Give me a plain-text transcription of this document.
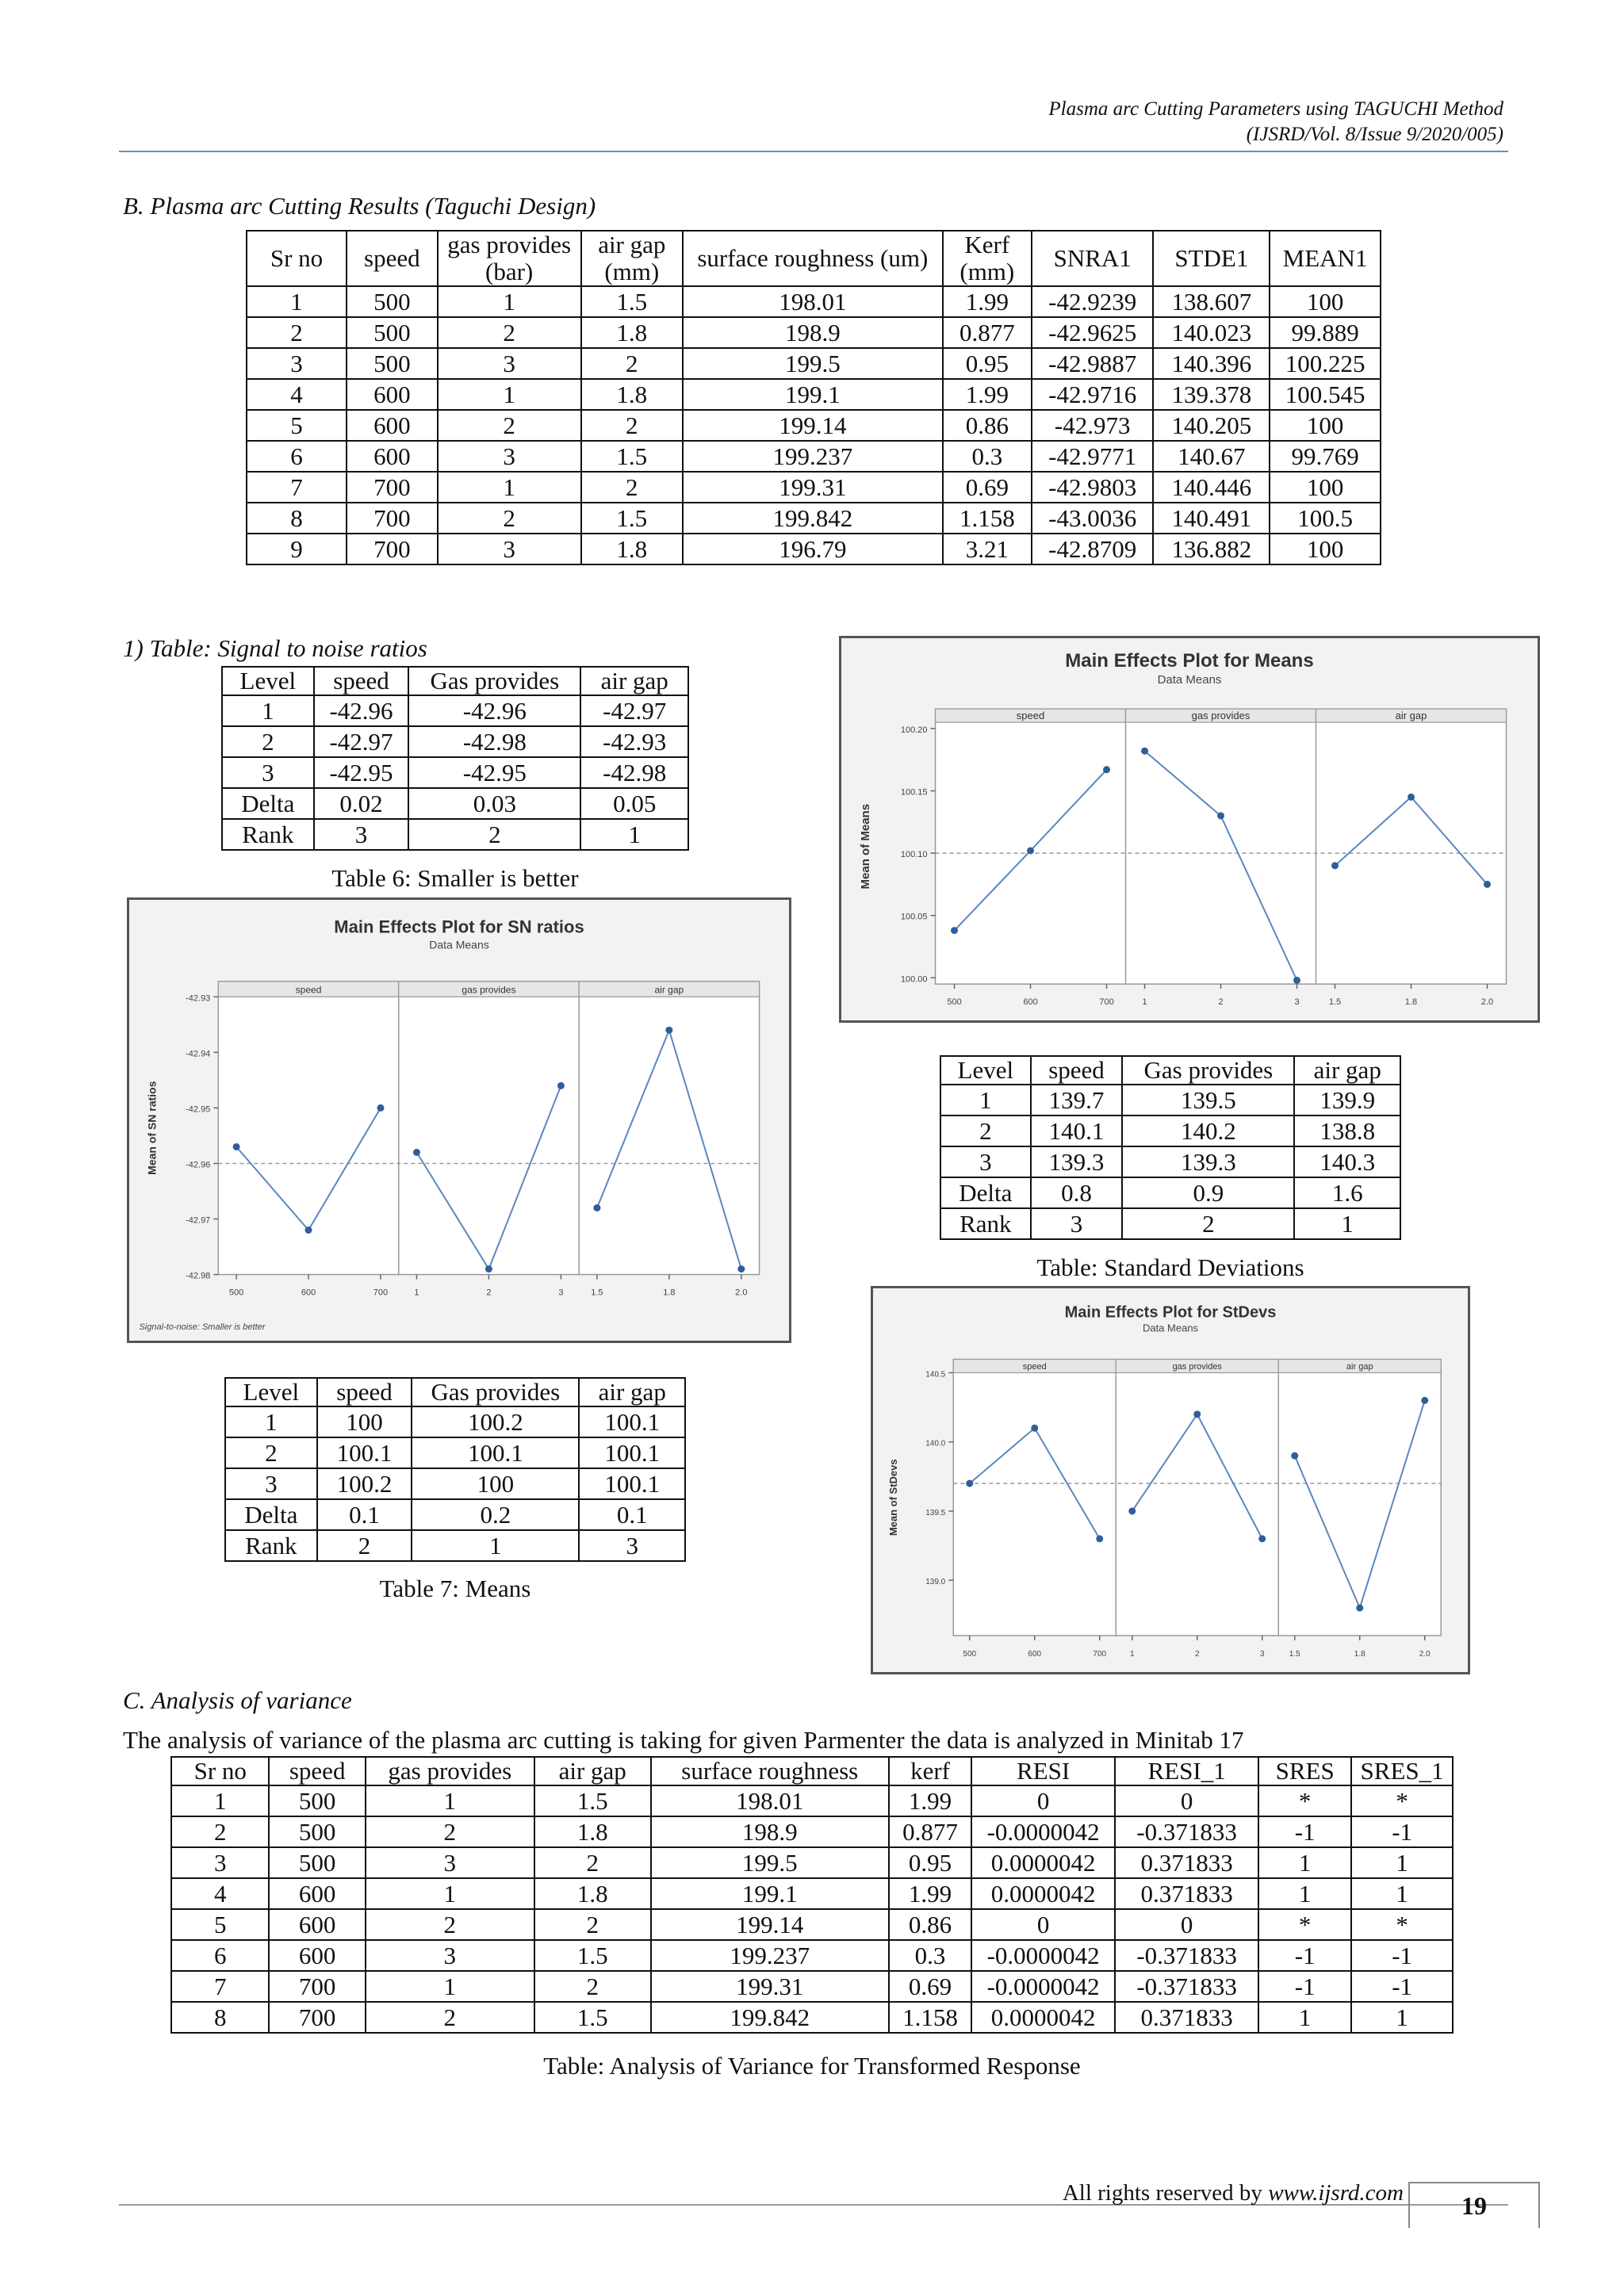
Plasma arc Cutting Parameters using TAGUCHI Method
(IJSRD/Vol. 8/Issue 9/2020/005)
B. Plasma arc Cutting Results (Taguchi Design)
Sr no	speed	gas provides (bar)	air gap (mm)	surface roughness (um)	Kerf (mm)	SNRA1	STDE1	MEAN1
1	500	1	1.5	198.01	1.99	-42.9239	138.607	100
2	500	2	1.8	198.9	0.877	-42.9625	140.023	99.889
3	500	3	2	199.5	0.95	-42.9887	140.396	100.225
4	600	1	1.8	199.1	1.99	-42.9716	139.378	100.545
5	600	2	2	199.14	0.86	-42.973	140.205	100
6	600	3	1.5	199.237	0.3	-42.9771	140.67	99.769
7	700	1	2	199.31	0.69	-42.9803	140.446	100
8	700	2	1.5	199.842	1.158	-43.0036	140.491	100.5
9	700	3	1.8	196.79	3.21	-42.8709	136.882	100
1) Table: Signal to noise ratios
Level	speed	Gas provides	air gap
1	-42.96	-42.96	-42.97
2	-42.97	-42.98	-42.93
3	-42.95	-42.95	-42.98
Delta	0.02	0.03	0.05
Rank	3	2	1
Table 6: Smaller is better
Main Effects Plot for SN ratios
Data Means
-42.93
-42.94
-42.95
-42.96
-42.97
-42.98
Mean of SN ratios
speed
500	600	700
gas provides
1	2	3
air gap
1.5	1.8	2.0
Signal-to-noise: Smaller is better
Main Effects Plot for Means
Data Means
100.20
100.15
100.10
100.05
100.00
Mean of Means
speed
500	600	700
gas provides
1	2	3
air gap
1.5	1.8	2.0
Level	speed	Gas provides	air gap
1	139.7	139.5	139.9
2	140.1	140.2	138.8
3	139.3	139.3	140.3
Delta	0.8	0.9	1.6
Rank	3	2	1
Table: Standard Deviations
Main Effects Plot for StDevs
Data Means
140.5
140.0
139.5
139.0
Mean of StDevs
speed
500	600	700
gas provides
1	2	3
air gap
1.5	1.8	2.0
Level	speed	Gas provides	air gap
1	100	100.2	100.1
2	100.1	100.1	100.1
3	100.2	100	100.1
Delta	0.1	0.2	0.1
Rank	2	1	3
Table 7: Means
C. Analysis of variance
The analysis of variance of the plasma arc cutting is taking for given Parmenter the data is analyzed in Minitab 17
Sr no	speed	gas provides	air gap	surface roughness	kerf	RESI	RESI_1	SRES	SRES_1
1	500	1	1.5	198.01	1.99	0	0	*	*
2	500	2	1.8	198.9	0.877	-0.0000042	-0.371833	-1	-1
3	500	3	2	199.5	0.95	0.0000042	0.371833	1	1
4	600	1	1.8	199.1	1.99	0.0000042	0.371833	1	1
5	600	2	2	199.14	0.86	0	0	*	*
6	600	3	1.5	199.237	0.3	-0.0000042	-0.371833	-1	-1
7	700	1	2	199.31	0.69	-0.0000042	-0.371833	-1	-1
8	700	2	1.5	199.842	1.158	0.0000042	0.371833	1	1
Table: Analysis of Variance for Transformed Response
All rights reserved by www.ijsrd.com	19
